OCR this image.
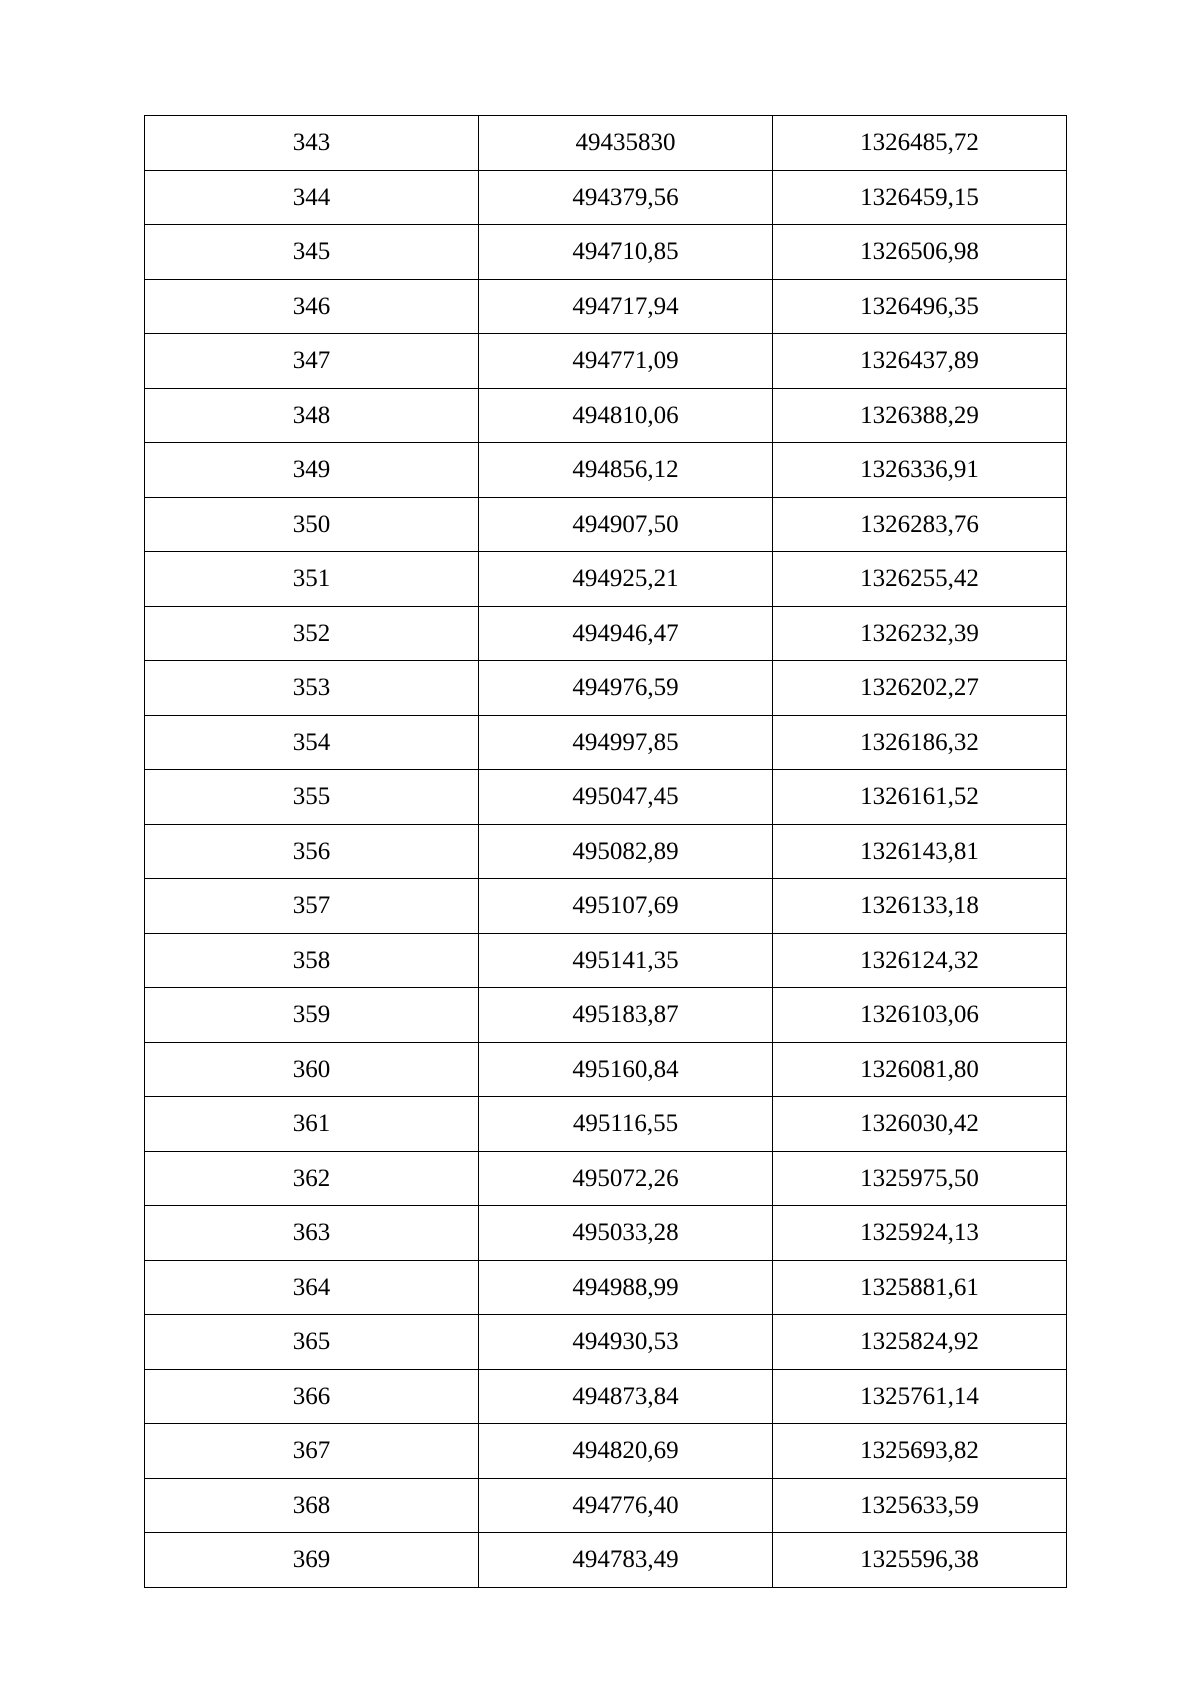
343	49435830	1326485,72
344	494379,56	1326459,15
345	494710,85	1326506,98
346	494717,94	1326496,35
347	494771,09	1326437,89
348	494810,06	1326388,29
349	494856,12	1326336,91
350	494907,50	1326283,76
351	494925,21	1326255,42
352	494946,47	1326232,39
353	494976,59	1326202,27
354	494997,85	1326186,32
355	495047,45	1326161,52
356	495082,89	1326143,81
357	495107,69	1326133,18
358	495141,35	1326124,32
359	495183,87	1326103,06
360	495160,84	1326081,80
361	495116,55	1326030,42
362	495072,26	1325975,50
363	495033,28	1325924,13
364	494988,99	1325881,61
365	494930,53	1325824,92
366	494873,84	1325761,14
367	494820,69	1325693,82
368	494776,40	1325633,59
369	494783,49	1325596,38
